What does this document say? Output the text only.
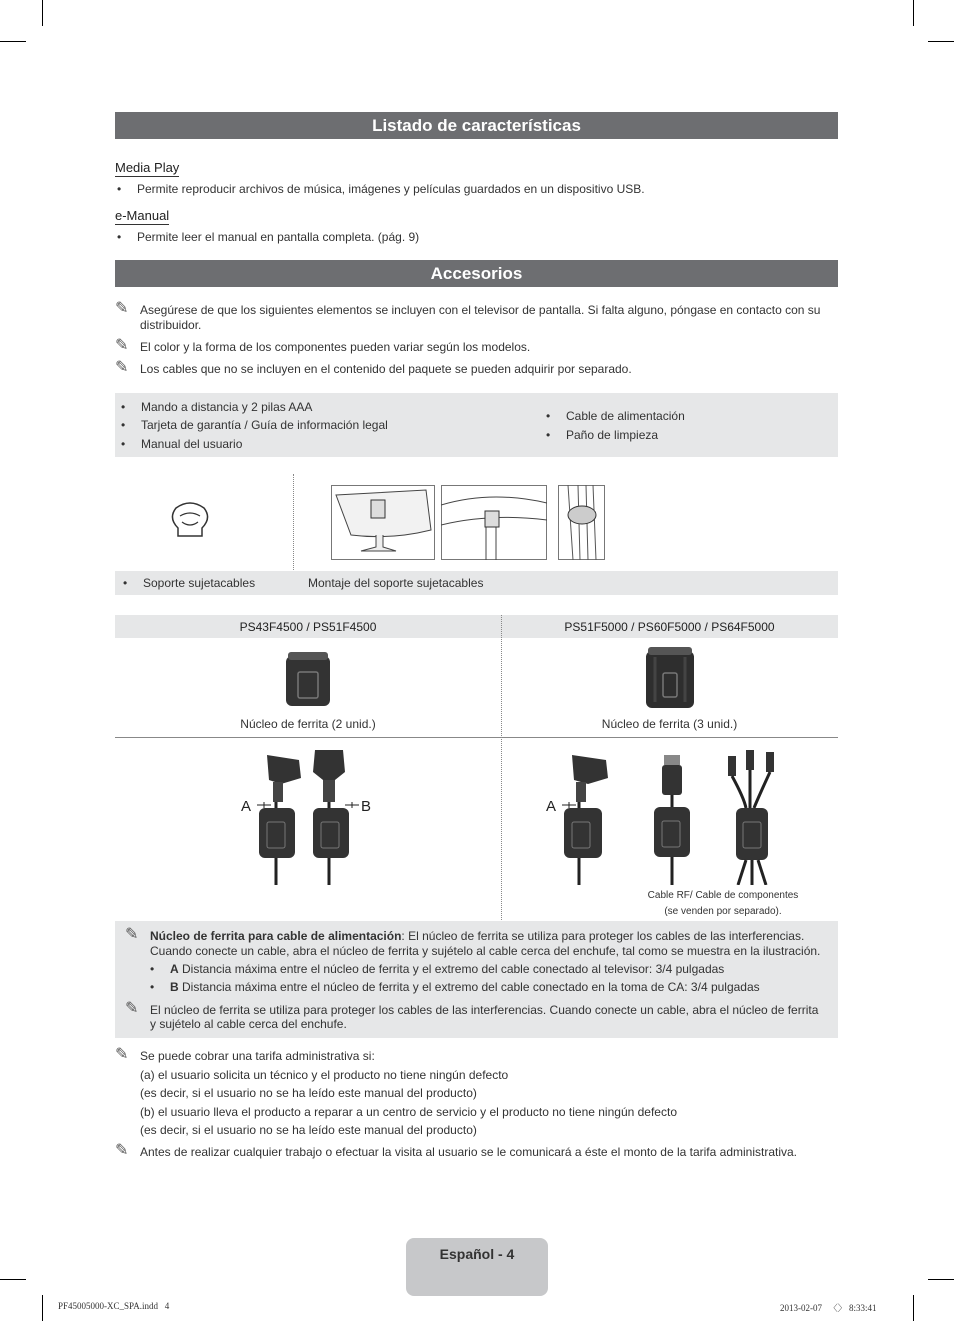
Listado de características
Media Play
• Permite reproducir archivos de música, imágenes y películas guardados en un dispositivo USB.
e-Manual
• Permite leer el manual en pantalla completa. (pág. 9)
Accesorios
✎ Asegúrese de que los siguientes elementos se incluyen con el televisor de pantalla. Si falta alguno, póngase en contacto con su
distribuidor.
✎ El color y la forma de los componentes pueden variar según los modelos.
✎ Los cables que no se incluyen en el contenido del paquete se pueden adquirir por separado.
• Mando a distancia y 2 pilas AAA
• Tarjeta de garantía / Guía de información legal
• Manual del usuario
• Cable de alimentación
• Paño de limpieza
• Soporte sujetacables	Montaje del soporte sujetacables
PS43F4500 / PS51F4500	PS51F5000 / PS60F5000 / PS64F5000
Núcleo de ferrita (2 unid.)	Núcleo de ferrita (3 unid.)
A	B	A
Cable RF/ Cable de componentes
(se venden por separado).
✎ Núcleo de ferrita para cable de alimentación: El núcleo de ferrita se utiliza para proteger los cables de las interferencias.
Cuando conecte un cable, abra el núcleo de ferrita y sujételo al cable cerca del enchufe, tal como se muestra en la ilustración.
• A Distancia máxima entre el núcleo de ferrita y el extremo del cable conectado al televisor: 3/4 pulgadas
• B Distancia máxima entre el núcleo de ferrita y el extremo del cable conectado en la toma de CA: 3/4 pulgadas
✎ El núcleo de ferrita se utiliza para proteger los cables de las interferencias. Cuando conecte un cable, abra el núcleo de ferrita
y sujételo al cable cerca del enchufe.
✎ Se puede cobrar una tarifa administrativa si:
(a) el usuario solicita un técnico y el producto no tiene ningún defecto
(es decir, si el usuario no se ha leído este manual del producto)
(b) el usuario lleva el producto a reparar a un centro de servicio y el producto no tiene ningún defecto
(es decir, si el usuario no se ha leído este manual del producto)
✎ Antes de realizar cualquier trabajo o efectuar la visita al usuario se le comunicará a éste el monto de la tarifa administrativa.
Español - 4
PF45005000-XC_SPA.indd   4	2013-02-07   〈〉 8:33:41
